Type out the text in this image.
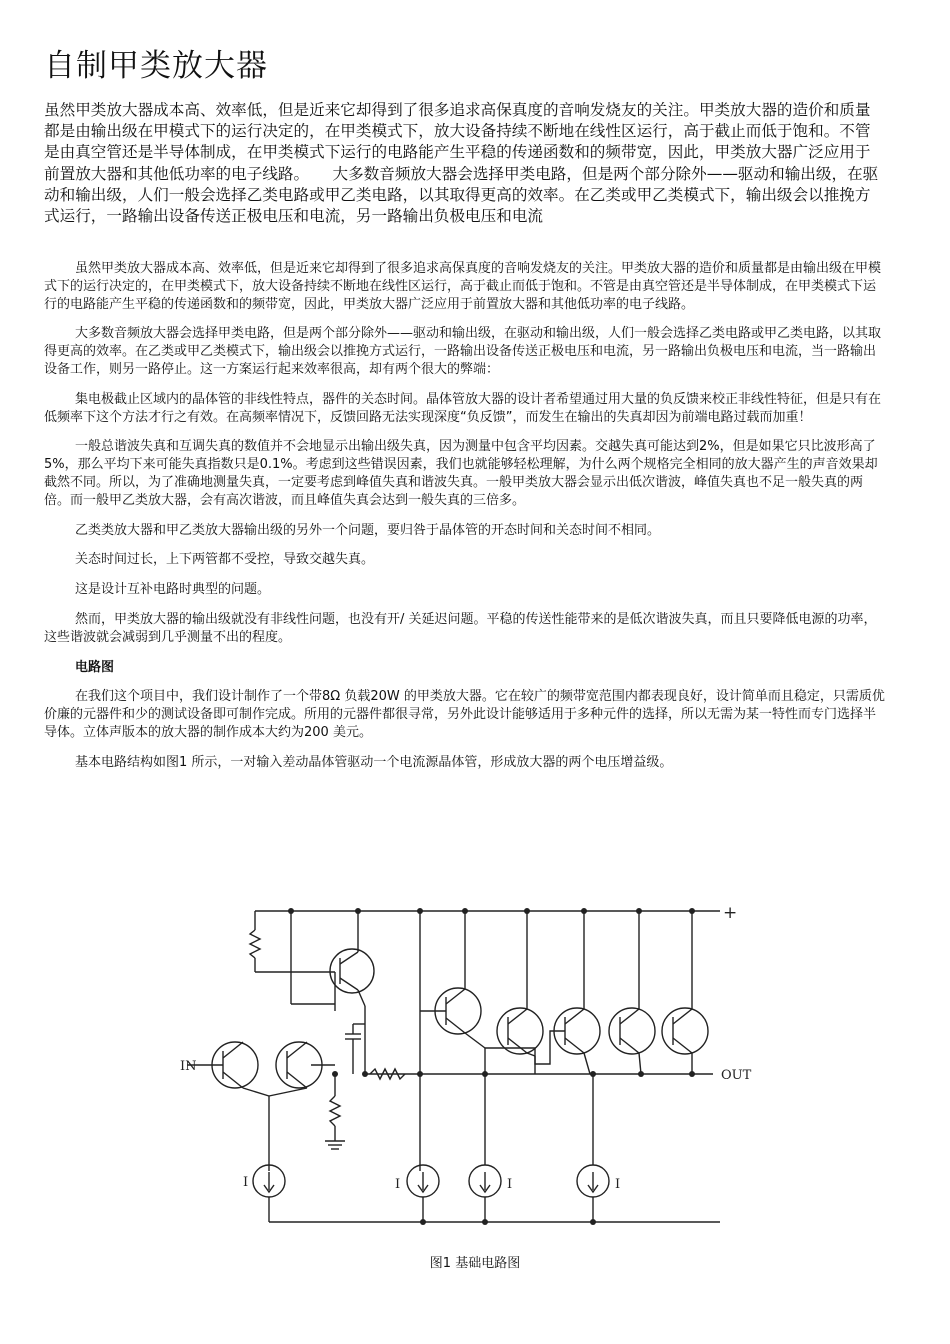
自制甲类放大器

虽然甲类放大器成本高、效率低，但是近来它却得到了很多追求高保真度的音响发烧友的关注。甲类放大器的造价和质量都是由输出级在甲模式下的运行决定的，在甲类模式下，放大设备持续不断地在线性区运行，高于截止而低于饱和。不管是由真空管还是半导体制成，在甲类模式下运行的电路能产生平稳的传递函数和的频带宽，因此，甲类放大器广泛应用于前置放大器和其他低功率的电子线路。　　大多数音频放大器会选择甲类电路，但是两个部分除外——驱动和输出级，在驱动和输出级，人们一般会选择乙类电路或甲乙类电路，以其取得更高的效率。在乙类或甲乙类模式下，输出级会以推挽方式运行，一路输出设备传送正极电压和电流，另一路输出负极电压和电流

虽然甲类放大器成本高、效率低，但是近来它却得到了很多追求高保真度的音响发烧友的关注。甲类放大器的造价和质量都是由输出级在甲模式下的运行决定的，在甲类模式下，放大设备持续不断地在线性区运行，高于截止而低于饱和。不管是由真空管还是半导体制成，在甲类模式下运行的电路能产生平稳的传递函数和的频带宽，因此，甲类放大器广泛应用于前置放大器和其他低功率的电子线路。

大多数音频放大器会选择甲类电路，但是两个部分除外——驱动和输出级，在驱动和输出级，人们一般会选择乙类电路或甲乙类电路，以其取得更高的效率。在乙类或甲乙类模式下，输出级会以推挽方式运行，一路输出设备传送正极电压和电流，另一路输出负极电压和电流，当一路输出设备工作，则另一路停止。这一方案运行起来效率很高，却有两个很大的弊端：

集电极截止区域内的晶体管的非线性特点，器件的关态时间。晶体管放大器的设计者希望通过用大量的负反馈来校正非线性特征，但是只有在低频率下这个方法才行之有效。在高频率情况下，反馈回路无法实现深度“负反馈”，而发生在输出的失真却因为前端电路过载而加重！

一般总谐波失真和互调失真的数值并不会地显示出输出级失真，因为测量中包含平均因素。交越失真可能达到2%，但是如果它只比波形高了5%，那么平均下来可能失真指数只是0.1%。考虑到这些错误因素，我们也就能够轻松理解，为什么两个规格完全相同的放大器产生的声音效果却截然不同。所以，为了准确地测量失真，一定要考虑到峰值失真和谐波失真。一般甲类放大器会显示出低次谐波，峰值失真也不足一般失真的两倍。而一般甲乙类放大器，会有高次谐波，而且峰值失真会达到一般失真的三倍多。

乙类类放大器和甲乙类放大器输出级的另外一个问题，要归咎于晶体管的开态时间和关态时间不相同。

关态时间过长，上下两管都不受控，导致交越失真。

这是设计互补电路时典型的问题。

然而，甲类放大器的输出级就没有非线性问题，也没有开/ 关延迟问题。平稳的传送性能带来的是低次谐波失真，而且只要降低电源的功率，这些谐波就会减弱到几乎测量不出的程度。

电路图

在我们这个项目中，我们设计制作了一个带8Ω 负载20W 的甲类放大器。它在较广的频带宽范围内都表现良好，设计简单而且稳定，只需质优价廉的元器件和少的测试设备即可制作完成。所用的元器件都很寻常，另外此设计能够适用于多种元件的选择，所以无需为某一特性而专门选择半导体。立体声版本的放大器的制作成本大约为200 美元。

基本电路结构如图1 所示，一对输入差动晶体管驱动一个电流源晶体管，形成放大器的两个电压增益级。

IN
OUT
+
I	I	I	I
图1 基础电路图
